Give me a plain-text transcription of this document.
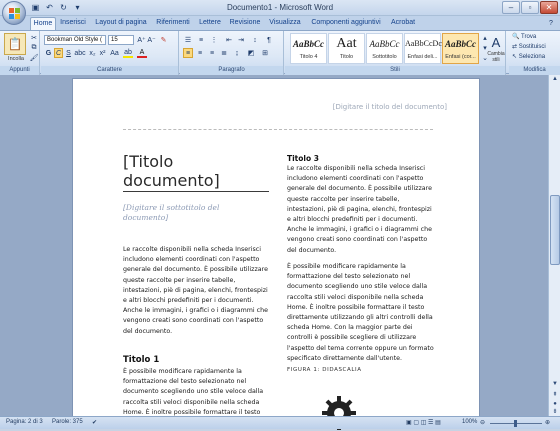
▣ ↶ ↻	▾	Documento1 - Microsoft Word	–	▫	✕
Home	Inserisci	Layout di pagina	Riferimenti	Lettere	Revisione	Visualizza	Componenti aggiuntivi	Acrobat	?
📋
Incolla
✂
⧉
🖌
Appunti
Bookman Old Style (	15	A⁺ A⁻ ✎
G C S abc x₂ x² Aa ab	A
Carattere
☰	≡	⋮ ⇤ ⇥	↕	¶
≡	≡	≡	≣	↨	◩ ⊞
Paragrafo
AaBbCc
Titolo 4
Aat
Titolo
AaBbCc
Sottotitolo
AaBbCcDc
Enfasi deli...
AaBbCc
Enfasi (cor...
▴
▾
⌄
Stili
A
Cambia stili
🔍 Trova
⇄ Sostituisci
↖ Seleziona
Modifica
[Digitare il titolo del documento]
[Titolo documento]
[Digitare il sottotitolo del documento]
Le raccolte disponibili nella scheda Inserisci includono elementi coordinati con l'aspetto generale del documento. È possibile utilizzare queste raccolte per inserire tabelle, intestazioni, piè di pagina, elenchi, frontespizi e altri blocchi predefiniti per i documenti. Anche le immagini, i grafici o i diagrammi che vengono creati sono coordinati con l'aspetto del documento.
Titolo 1
È possibile modificare rapidamente la formattazione del testo selezionato nel documento scegliendo uno stile veloce dalla raccolta stili veloci disponibile nella scheda Home. È inoltre possibile formattare il testo
Titolo 3
Le raccolte disponibili nella scheda Inserisci includono elementi coordinati con l'aspetto generale del documento. È possibile utilizzare queste raccolte per inserire tabelle, intestazioni, piè di pagina, elenchi, frontespizi e altri blocchi predefiniti per i documenti. Anche le immagini, i grafici o i diagrammi che vengono creati sono coordinati con l'aspetto del documento.
È possibile modificare rapidamente la formattazione del testo selezionato nel documento scegliendo uno stile veloce dalla raccolta stili veloci disponibile nella scheda Home. È inoltre possibile formattare il testo direttamente utilizzando gli altri controlli della scheda Home. Con la maggior parte dei controlli è possibile scegliere di utilizzare l'aspetto del tema corrente oppure un formato specificato direttamente dall'utente.
FIGURA 1: DIDASCALIA
▲
▼
⇞
●
⇟
Pagina: 2 di 3 Parole: 375 ✔	▣ ▢ ◫ ☰ ▤	100% ⊖	⊕
